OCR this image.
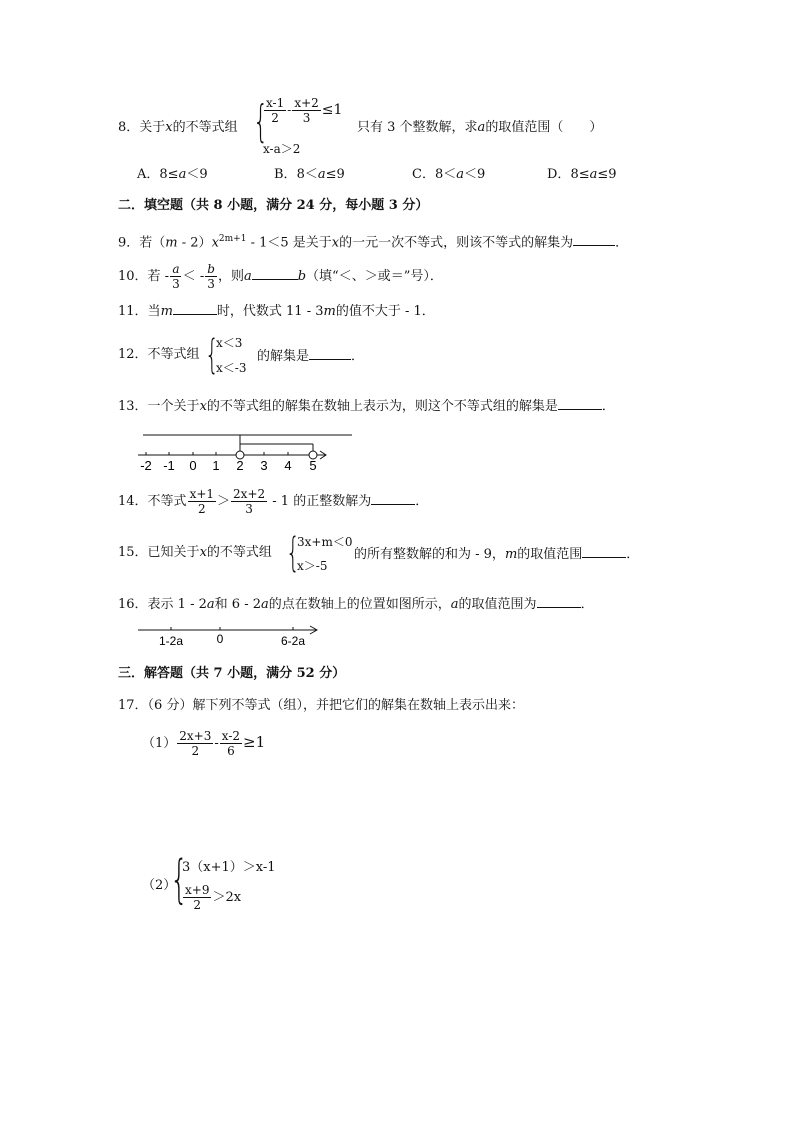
8．关于x的不等式组 {
$\frac{x-1}{2} - \frac{x+2}{3} \le 1$
x-a＞2
只有 3 个整数解，求a的取值范围（　　）
A．8≤a＜9	B．8＜a≤9	C．8＜a＜9	D．8≤a≤9
二．填空题（共 8 小题，满分 24 分，每小题 3 分）
9．若$(m - 2)x^{2m+1} - 1<5$ 是关于x的一元一次不等式，则该不等式的解集为	．
10．若 - $\frac{a}{3}$ ＜ - $\frac{b}{3}$ ，则a	b（填“＜、＞或＝”号）．
11．当m	时，代数式 11 - 3m的值不大于 - 1．
12．不等式组 {
x＜3
x＜-3
的解集是	．
13．一个关于x的不等式组的解集在数轴上表示为，则这个不等式组的解集是	．
-2 -1 0 1 2 3 4 5
14．不等式 $\frac{x+1}{2} > \frac{2x+2}{3} - 1$ 的正整数解为	．
15．已知关于x的不等式组 {
3x+m＜0
x＞-5
的所有整数解的和为 - 9，m的取值范围	．
16．表示 1 - 2a和 6 - 2a的点在数轴上的位置如图所示，a的取值范围为	．
1-2a	0	6-2a
三．解答题（共 7 小题，满分 52 分）
17．（6 分）解下列不等式（组），并把它们的解集在数轴上表示出来：
$(1) \frac{2x+3}{2} - \frac{x-2}{6} \ge 1$
（2）
{
3（x+1）＞x-1
$\frac{x+9}{2} >2x$
